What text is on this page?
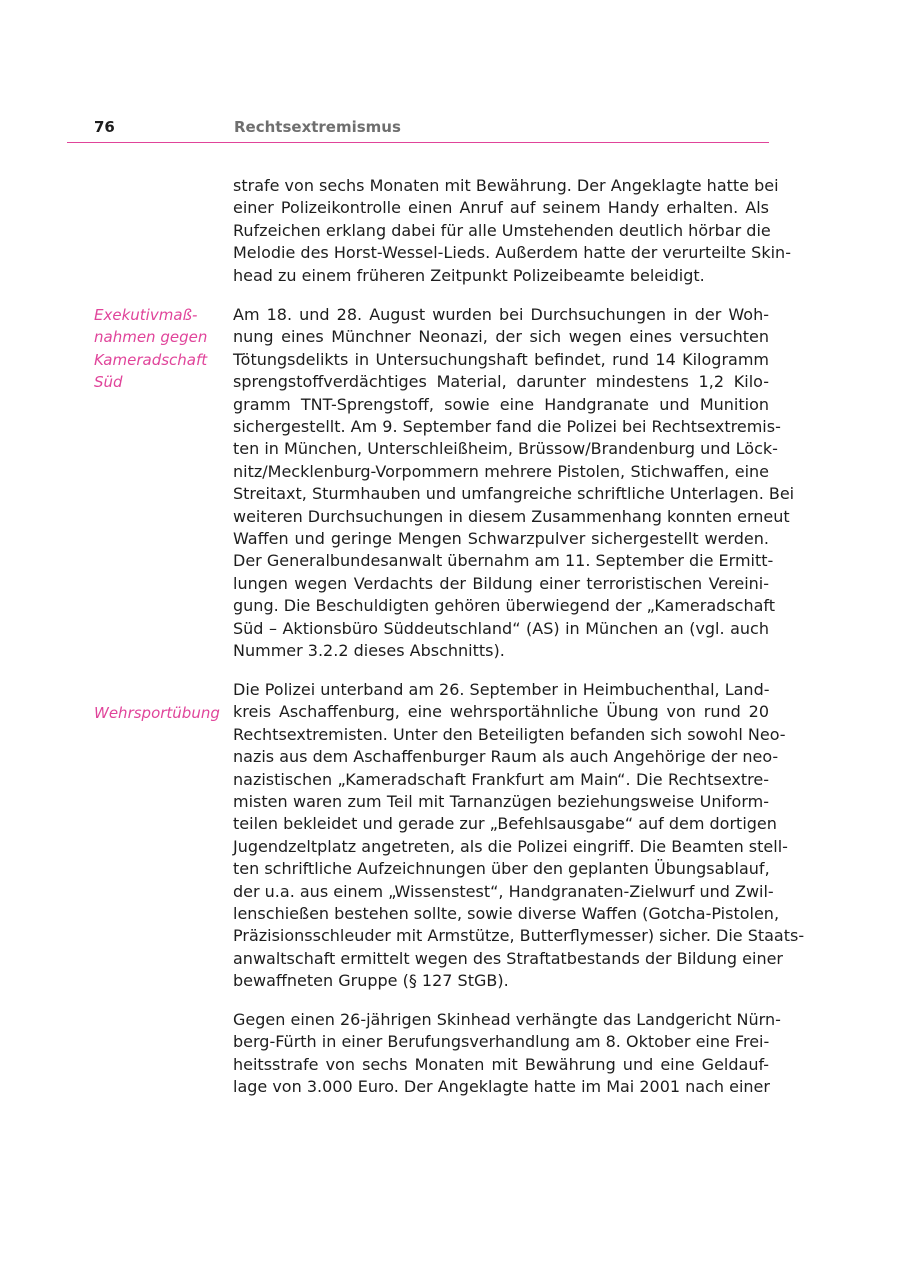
76	Rechtsextremismus
Exekutivmaß-
nahmen gegen
Kameradschaft
Süd
Wehrsportübung
strafe von sechs Monaten mit Bewährung. Der Angeklagte hatte bei
einer Polizeikontrolle einen Anruf auf seinem Handy erhalten. Als
Rufzeichen erklang dabei für alle Umstehenden deutlich hörbar die
Melodie des Horst-Wessel-Lieds. Außerdem hatte der verurteilte Skin-
head zu einem früheren Zeitpunkt Polizeibeamte beleidigt.
Am 18. und 28. August wurden bei Durchsuchungen in der Woh-
nung eines Münchner Neonazi, der sich wegen eines versuchten
Tötungsdelikts in Untersuchungshaft befindet, rund 14 Kilogramm
sprengstoffverdächtiges Material, darunter mindestens 1,2 Kilo-
gramm TNT-Sprengstoff, sowie eine Handgranate und Munition
sichergestellt. Am 9. September fand die Polizei bei Rechtsextremis-
ten in München, Unterschleißheim, Brüssow/Brandenburg und Löck-
nitz/Mecklenburg-Vorpommern mehrere Pistolen, Stichwaffen, eine
Streitaxt, Sturmhauben und umfangreiche schriftliche Unterlagen. Bei
weiteren Durchsuchungen in diesem Zusammenhang konnten erneut
Waffen und geringe Mengen Schwarzpulver sichergestellt werden.
Der Generalbundesanwalt übernahm am 11. September die Ermitt-
lungen wegen Verdachts der Bildung einer terroristischen Vereini-
gung. Die Beschuldigten gehören überwiegend der „Kameradschaft
Süd – Aktionsbüro Süddeutschland“ (AS) in München an (vgl. auch
Nummer 3.2.2 dieses Abschnitts).
Die Polizei unterband am 26. September in Heimbuchenthal, Land-
kreis Aschaffenburg, eine wehrsportähnliche Übung von rund 20
Rechtsextremisten. Unter den Beteiligten befanden sich sowohl Neo-
nazis aus dem Aschaffenburger Raum als auch Angehörige der neo-
nazistischen „Kameradschaft Frankfurt am Main“. Die Rechtsextre-
misten waren zum Teil mit Tarnanzügen beziehungsweise Uniform-
teilen bekleidet und gerade zur „Befehlsausgabe“ auf dem dortigen
Jugendzeltplatz angetreten, als die Polizei eingriff. Die Beamten stell-
ten schriftliche Aufzeichnungen über den geplanten Übungsablauf,
der u.a. aus einem „Wissenstest“, Handgranaten-Zielwurf und Zwil-
lenschießen bestehen sollte, sowie diverse Waffen (Gotcha-Pistolen,
Präzisionsschleuder mit Armstütze, Butterflymesser) sicher. Die Staats-
anwaltschaft ermittelt wegen des Straftatbestands der Bildung einer
bewaffneten Gruppe (§ 127 StGB).
Gegen einen 26-jährigen Skinhead verhängte das Landgericht Nürn-
berg-Fürth in einer Berufungsverhandlung am 8. Oktober eine Frei-
heitsstrafe von sechs Monaten mit Bewährung und eine Geldauf-
lage von 3.000 Euro. Der Angeklagte hatte im Mai 2001 nach einer
